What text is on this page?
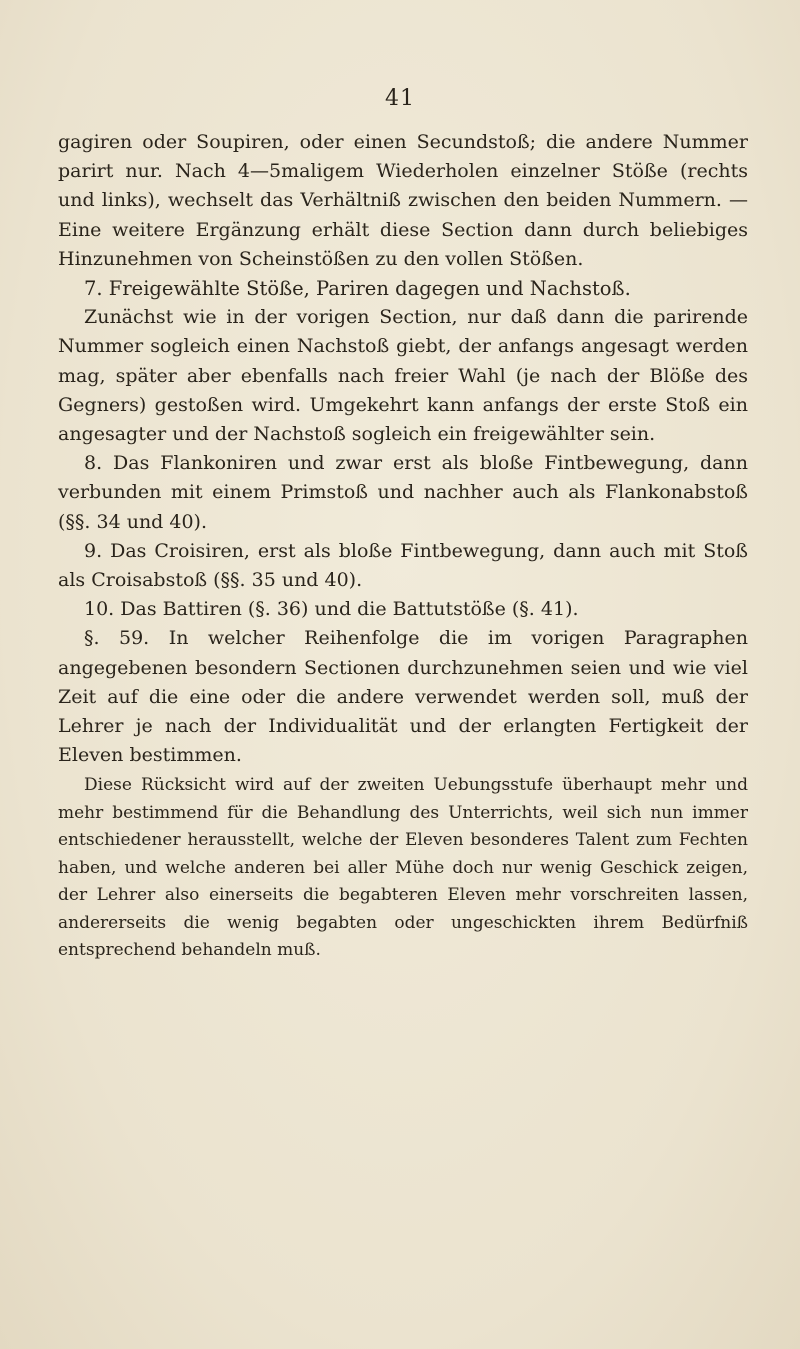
41

gagiren oder Soupiren, oder einen Secundstoß; die andere Nummer parirt nur. Nach 4—5maligem Wiederholen einzelner Stöße (rechts und links), wechselt das Verhältniß zwischen den beiden Nummern. — Eine weitere Ergänzung erhält diese Section dann durch beliebiges Hinzunehmen von Scheinstößen zu den vollen Stößen.

7. Freigewählte Stöße, Pariren dagegen und Nachstoß.

Zunächst wie in der vorigen Section, nur daß dann die parirende Nummer sogleich einen Nachstoß giebt, der anfangs angesagt werden mag, später aber ebenfalls nach freier Wahl (je nach der Blöße des Gegners) gestoßen wird. Umgekehrt kann anfangs der erste Stoß ein angesagter und der Nachstoß sogleich ein freigewählter sein.

8. Das Flankoniren und zwar erst als bloße Fintbewegung, dann verbunden mit einem Primstoß und nachher auch als Flankonabstoß (§§. 34 und 40).

9. Das Croisiren, erst als bloße Fintbewegung, dann auch mit Stoß als Croisabstoß (§§. 35 und 40).

10. Das Battiren (§. 36) und die Battutstöße (§. 41).

§. 59. In welcher Reihenfolge die im vorigen Paragraphen angegebenen besondern Sectionen durchzunehmen seien und wie viel Zeit auf die eine oder die andere verwendet werden soll, muß der Lehrer je nach der Individualität und der erlangten Fertigkeit der Eleven bestimmen.

Diese Rücksicht wird auf der zweiten Uebungsstufe überhaupt mehr und mehr bestimmend für die Behandlung des Unterrichts, weil sich nun immer entschiedener herausstellt, welche der Eleven besonderes Talent zum Fechten haben, und welche anderen bei aller Mühe doch nur wenig Geschick zeigen, der Lehrer also einerseits die begabteren Eleven mehr vorschreiten lassen, andererseits die wenig begabten oder ungeschickten ihrem Bedürfniß entsprechend behandeln muß.
